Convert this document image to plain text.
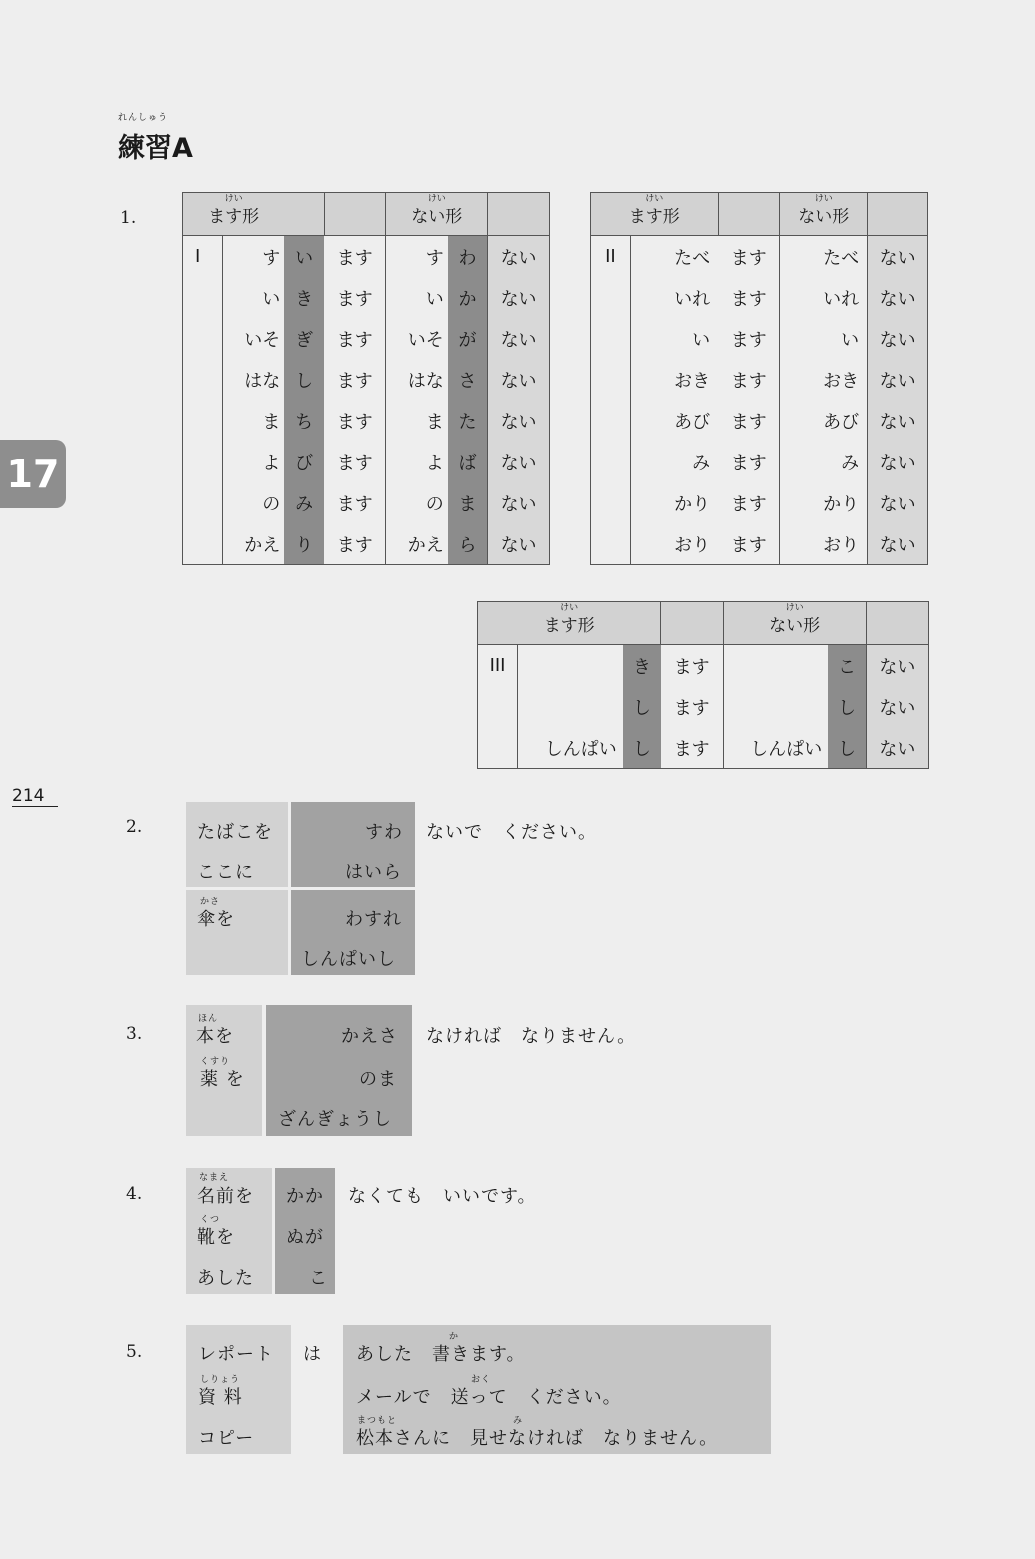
れんしゅう
練習A
17
214
1.
けい
ます形				けい
ない形		
I	す	い	ます	す	わ	ない
	い	き	ます	い	か	ない
	いそ	ぎ	ます	いそ	が	ない
	はな	し	ます	はな	さ	ない
	ま	ち	ます	ま	た	ない
	よ	び	ます	よ	ば	ない
	の	み	ます	の	ま	ない
	かえ	り	ます	かえ	ら	ない
けい
ます形			けい
ない形	
II	たべ	ます	たべ	ない
	いれ	ます	いれ	ない
	い	ます	い	ない
	おき	ます	おき	ない
	あび	ます	あび	ない
	み	ます	み	ない
	かり	ます	かり	ない
	おり	ます	おり	ない
けい
ます形				けい
ない形		
III		き	ます		こ	ない
		し	ます		し	ない
	しんぱい	し	ます	しんぱい	し	ない
2.	たばこを
ここに
かさ
傘を
すわ
はいら
わすれ
しんぱいし
ないで　ください。
3.
ほん
本を
くすり
薬 を
かえさ
のま
ざんぎょうし
なければ　なりません。
4.
なまえ
名前を
くつ
靴を
あした
かか
ぬが
こ
なくても　いいです。
5.	レポート
しりょう
資 料
コピー
は
か
あした　書きます。
おく
メールで　送って　ください。
まつもと	み
松本さんに　見せなければ　なりません。
